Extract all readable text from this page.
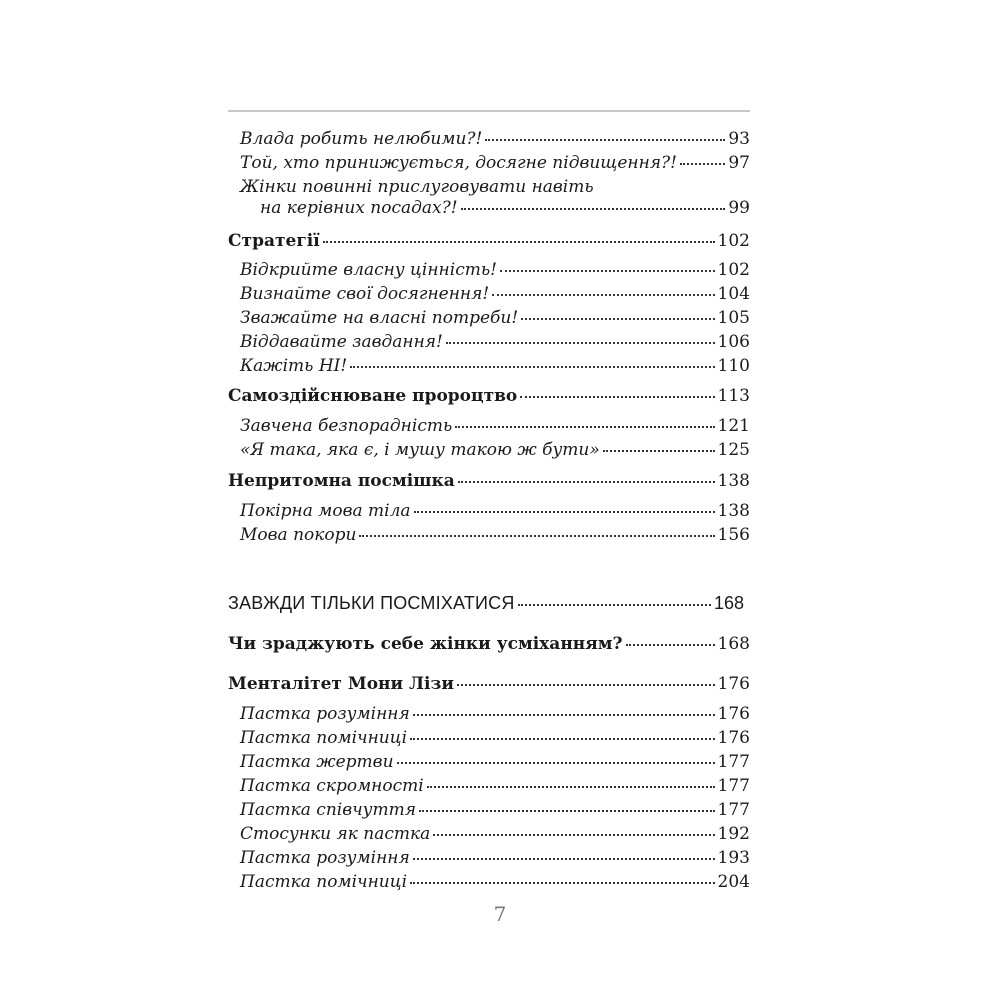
Влада робить нелюбими?!	93
Той, хто принижується, досягне підвищення?!	97
Жінки повинні прислуговувати навіть
на керівних посадах?!	99
Стратегії	102
Відкрийте власну цінність!	102
Визнайте свої досягнення!	104
Зважайте на власні потреби!	105
Віддавайте завдання!	106
Кажіть НІ!	110
Самоздійснюване пророцтво	113
Завчена безпорадність	121
«Я така, яка є, і мушу такою ж бути»	125
Непритомна посмішка	138
Покірна мова тіла	138
Мова покори	156
ЗАВЖДИ ТІЛЬКИ ПОСМІХАТИСЯ	168
Чи зраджують себе жінки усміханням?	168
Менталітет Мони Лізи	176
Пастка розуміння	176
Пастка помічниці	176
Пастка жертви	177
Пастка скромності	177
Пастка співчуття	177
Стосунки як пастка	192
Пастка розуміння	193
Пастка помічниці	204
7
